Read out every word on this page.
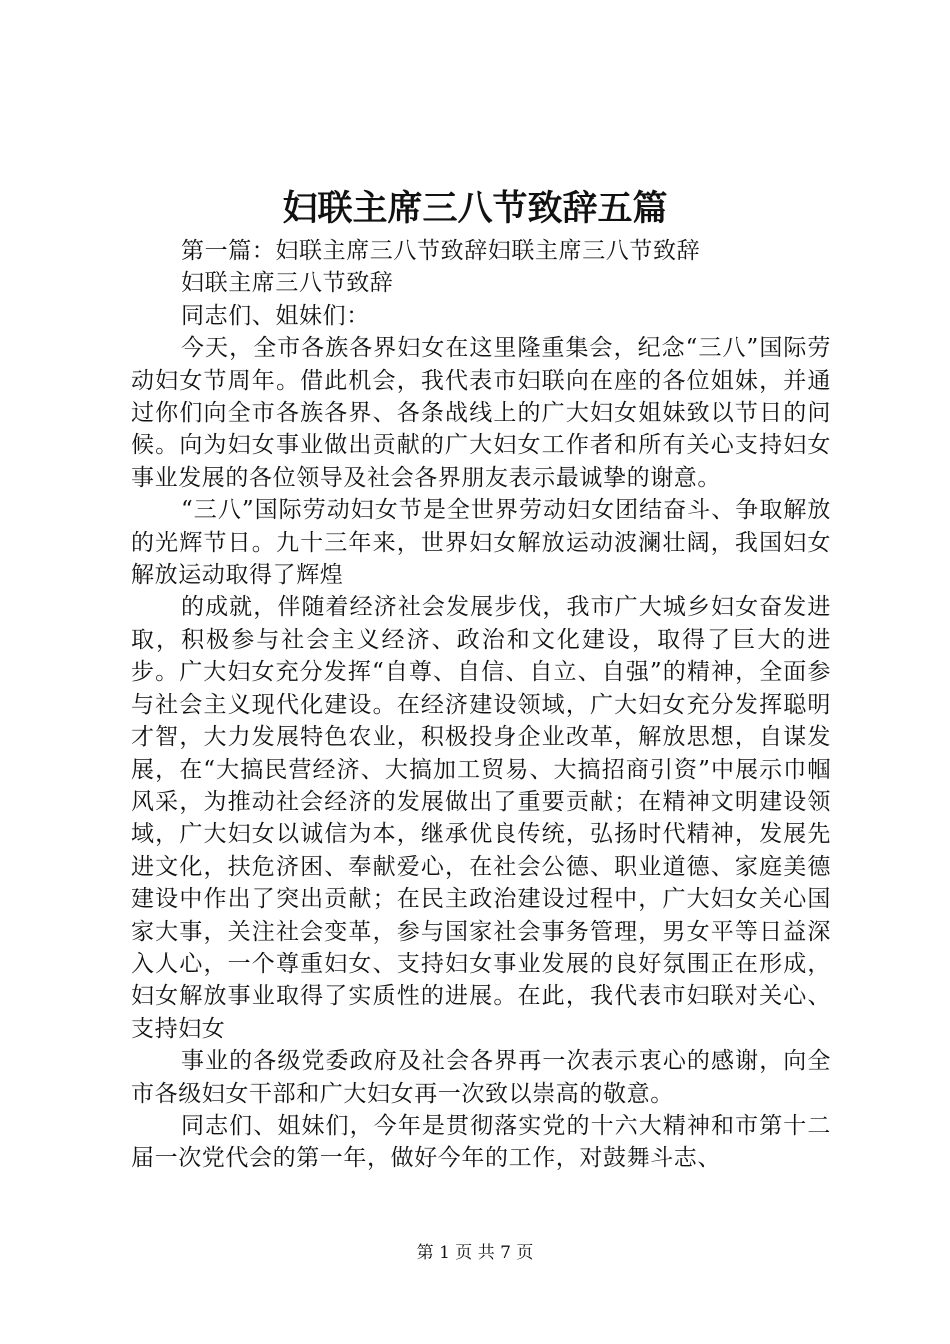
妇联主席三八节致辞五篇

第一篇：妇联主席三八节致辞妇联主席三八节致辞

妇联主席三八节致辞

同志们、姐妹们：

今天，全市各族各界妇女在这里隆重集会，纪念“三八”国际劳动妇女节周年。借此机会，我代表市妇联向在座的各位姐妹，并通过你们向全市各族各界、各条战线上的广大妇女姐妹致以节日的问候。向为妇女事业做出贡献的广大妇女工作者和所有关心支持妇女事业发展的各位领导及社会各界朋友表示最诚挚的谢意。

“三八”国际劳动妇女节是全世界劳动妇女团结奋斗、争取解放的光辉节日。九十三年来，世界妇女解放运动波澜壮阔，我国妇女解放运动取得了辉煌

的成就，伴随着经济社会发展步伐，我市广大城乡妇女奋发进取，积极参与社会主义经济、政治和文化建设，取得了巨大的进步。广大妇女充分发挥“自尊、自信、自立、自强”的精神，全面参与社会主义现代化建设。在经济建设领域，广大妇女充分发挥聪明才智，大力发展特色农业，积极投身企业改革，解放思想，自谋发展，在“大搞民营经济、大搞加工贸易、大搞招商引资”中展示巾帼风采，为推动社会经济的发展做出了重要贡献；在精神文明建设领域，广大妇女以诚信为本，继承优良传统，弘扬时代精神，发展先进文化，扶危济困、奉献爱心，在社会公德、职业道德、家庭美德建设中作出了突出贡献；在民主政治建设过程中，广大妇女关心国家大事，关注社会变革，参与国家社会事务管理，男女平等日益深入人心，一个尊重妇女、支持妇女事业发展的良好氛围正在形成，妇女解放事业取得了实质性的进展。在此，我代表市妇联对关心、支持妇女

事业的各级党委政府及社会各界再一次表示衷心的感谢，向全市各级妇女干部和广大妇女再一次致以崇高的敬意。

同志们、姐妹们，今年是贯彻落实党的十六大精神和市第十二届一次党代会的第一年，做好今年的工作，对鼓舞斗志、

第 1 页 共 7 页
